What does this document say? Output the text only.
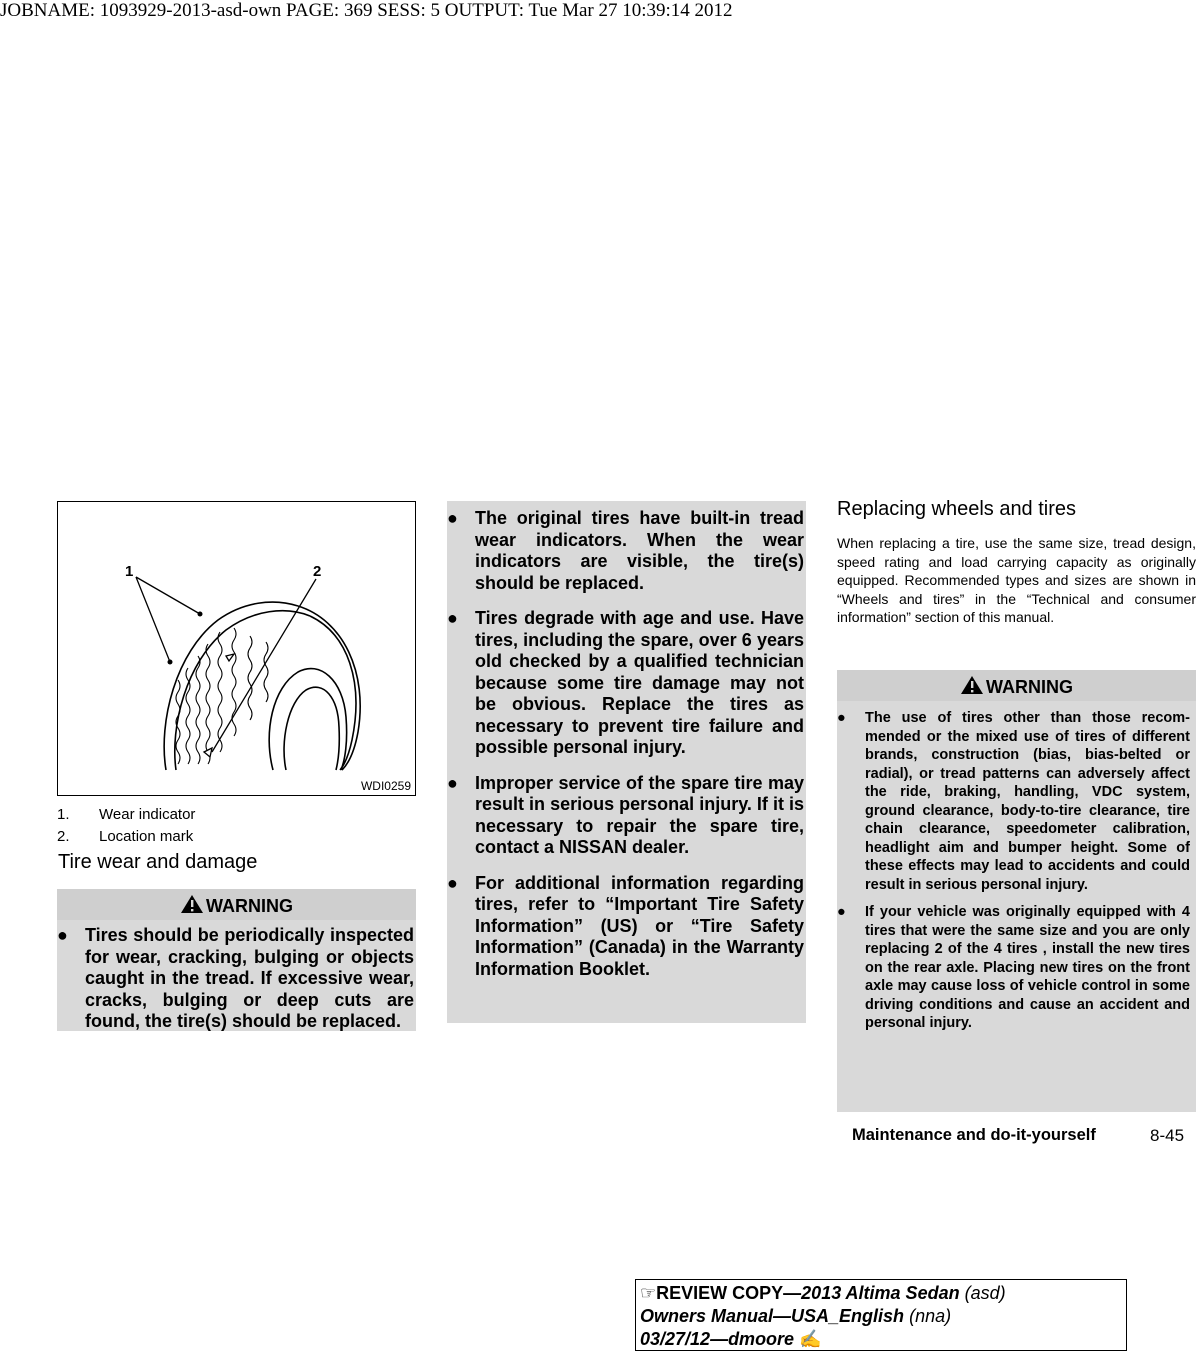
JOBNAME: 1093929-2013-asd-own PAGE: 369 SESS: 5 OUTPUT: Tue Mar 27 10:39:14 2012
1	2
WDI0259
1. Wear indicator
2. Location mark
Tire wear and damage
WARNING
● Tires should be periodically inspected for wear, cracking, bulging or objects caught in the tread. If excessive wear, cracks, bulging or deep cuts are found, the tire(s) should be replaced.
● The original tires have built-in tread wear indicators. When the wear indicators are visible, the tire(s) should be replaced.
● Tires degrade with age and use. Have tires, including the spare, over 6 years old checked by a qualified technician because some tire damage may not be obvious. Replace the tires as necessary to prevent tire failure and possible personal injury.
● Improper service of the spare tire may result in serious personal injury. If it is necessary to repair the spare tire, contact a NISSAN dealer.
● For additional information regarding tires, refer to “Important Tire Safety Information” (US) or “Tire Safety Information” (Canada) in the Warranty Information Booklet.
Replacing wheels and tires
When replacing a tire, use the same size, tread design, speed rating and load carrying capacity as originally equipped. Recommended types and sizes are shown in “Wheels and tires” in the “Technical and consumer information” section of this manual.
WARNING
●	The use of tires other than those recommended or the mixed use of tires of different brands, construction (bias, bias-belted or radial), or tread patterns can adversely affect the ride, braking, handling, VDC system, ground clearance, body-to-tire clearance, tire chain clearance, speedometer calibration, headlight aim and bumper height. Some of these effects may lead to accidents and could result in serious personal injury.
●	If your vehicle was originally equipped with 4 tires that were the same size and you are only replacing 2 of the 4 tires , install the new tires on the rear axle. Placing new tires on the front axle may cause loss of vehicle control in some driving conditions and cause an accident and personal injury.
Maintenance and do-it-yourself	8-45
☞REVIEW COPY—2013 Altima Sedan (asd)
Owners Manual—USA_English (nna)
03/27/12—dmoore ✍
